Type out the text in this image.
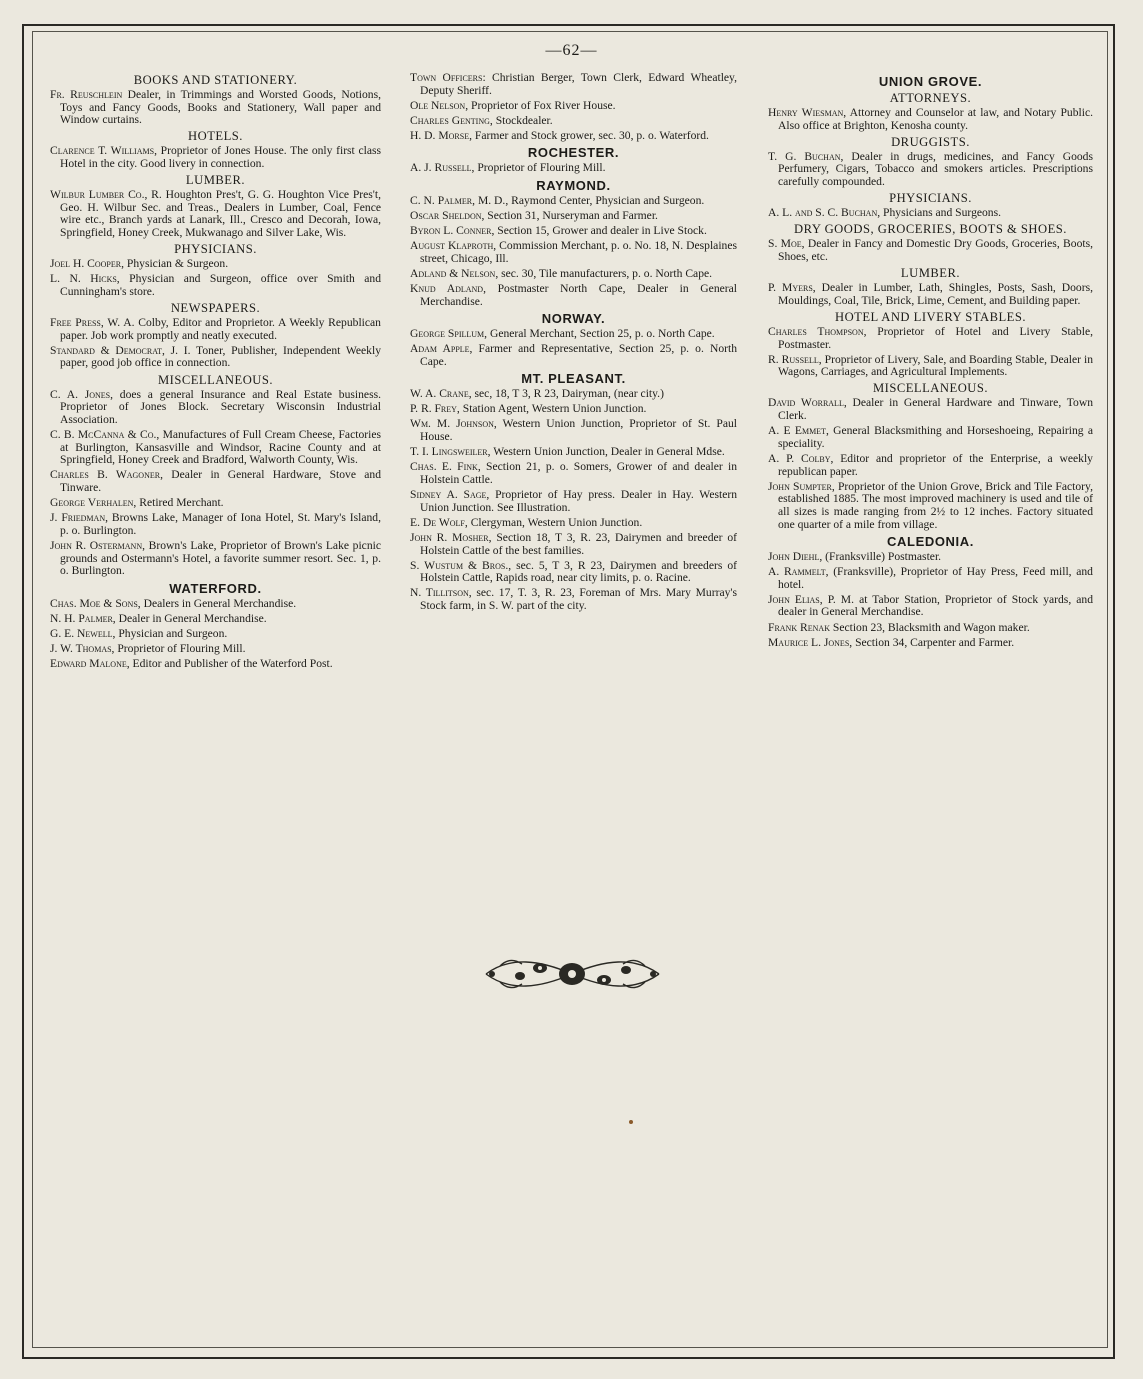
—62—
BOOKS AND STATIONERY.

Fr. Reuschlein Dealer, in Trimmings and Worsted Goods, Notions, Toys and Fancy Goods, Books and Stationery, Wall paper and Window curtains.

HOTELS.

Clarence T. Williams, Proprietor of Jones House. The only first class Hotel in the city. Good livery in connection.

LUMBER.

Wilbur Lumber Co., R. Houghton Pres't, G. G. Houghton Vice Pres't, Geo. H. Wilbur Sec. and Treas., Dealers in Lumber, Coal, Fence wire etc., Branch yards at Lanark, Ill., Cresco and Decorah, Iowa, Springfield, Honey Creek, Mukwanago and Silver Lake, Wis.

PHYSICIANS.

Joel H. Cooper, Physician & Surgeon.

L. N. Hicks, Physician and Surgeon, office over Smith and Cunningham's store.

NEWSPAPERS.

Free Press, W. A. Colby, Editor and Proprietor. A Weekly Republican paper. Job work promptly and neatly executed.

Standard & Democrat, J. I. Toner, Publisher, Independent Weekly paper, good job office in connection.

MISCELLANEOUS.

C. A. Jones, does a general Insurance and Real Estate business. Proprietor of Jones Block. Secretary Wisconsin Industrial Association.

C. B. McCanna & Co., Manufactures of Full Cream Cheese, Factories at Burlington, Kansasville and Windsor, Racine County and at Springfield, Honey Creek and Bradford, Walworth County, Wis.

Charles B. Wagoner, Dealer in General Hardware, Stove and Tinware.

George Verhalen, Retired Merchant.

J. Friedman, Browns Lake, Manager of Iona Hotel, St. Mary's Island, p. o. Burlington.

John R. Ostermann, Brown's Lake, Proprietor of Brown's Lake picnic grounds and Ostermann's Hotel, a favorite summer resort. Sec. 1, p. o. Burlington.

WATERFORD.

Chas. Moe & Sons, Dealers in General Merchandise.

N. H. Palmer, Dealer in General Merchandise.

G. E. Newell, Physician and Surgeon.

J. W. Thomas, Proprietor of Flouring Mill.

Edward Malone, Editor and Publisher of the Waterford Post.

Town Officers: Christian Berger, Town Clerk, Edward Wheatley, Deputy Sheriff.

Ole Nelson, Proprietor of Fox River House.

Charles Genting, Stockdealer.

H. D. Morse, Farmer and Stock grower, sec. 30, p. o. Waterford.

ROCHESTER.

A. J. Russell, Proprietor of Flouring Mill.

RAYMOND.

C. N. Palmer, M. D., Raymond Center, Physician and Surgeon.

Oscar Sheldon, Section 31, Nurseryman and Farmer.

Byron L. Conner, Section 15, Grower and dealer in Live Stock.

August Klaproth, Commission Merchant, p. o. No. 18, N. Desplaines street, Chicago, Ill.

Adland & Nelson, sec. 30, Tile manufacturers, p. o. North Cape.

Knud Adland, Postmaster North Cape, Dealer in General Merchandise.

NORWAY.

George Spillum, General Merchant, Section 25, p. o. North Cape.

Adam Apple, Farmer and Representative, Section 25, p. o. North Cape.

MT. PLEASANT.

W. A. Crane, sec, 18, T 3, R 23, Dairyman, (near city.)

P. R. Frey, Station Agent, Western Union Junction.

Wm. M. Johnson, Western Union Junction, Proprietor of St. Paul House.

T. I. Lingsweiler, Western Union Junction, Dealer in General Mdse.

Chas. E. Fink, Section 21, p. o. Somers, Grower of and dealer in Holstein Cattle.

Sidney A. Sage, Proprietor of Hay press. Dealer in Hay. Western Union Junction. See Illustration.

E. De Wolf, Clergyman, Western Union Junction.

John R. Mosher, Section 18, T 3, R. 23, Dairymen and breeder of Holstein Cattle of the best families.

S. Wustum & Bros., sec. 5, T 3, R 23, Dairymen and breeders of Holstein Cattle, Rapids road, near city limits, p. o. Racine.

N. Tillitson, sec. 17, T. 3, R. 23, Foreman of Mrs. Mary Murray's Stock farm, in S. W. part of the city.

UNION GROVE.
ATTORNEYS.

Henry Wiesman, Attorney and Counselor at law, and Notary Public. Also office at Brighton, Kenosha county.

DRUGGISTS.

T. G. Buchan, Dealer in drugs, medicines, and Fancy Goods Perfumery, Cigars, Tobacco and smokers articles. Prescriptions carefully compounded.

PHYSICIANS.

A. L. and S. C. Buchan, Physicians and Surgeons.

DRY GOODS, GROCERIES, BOOTS & SHOES.

S. Moe, Dealer in Fancy and Domestic Dry Goods, Groceries, Boots, Shoes, etc.

LUMBER.

P. Myers, Dealer in Lumber, Lath, Shingles, Posts, Sash, Doors, Mouldings, Coal, Tile, Brick, Lime, Cement, and Building paper.

HOTEL AND LIVERY STABLES.

Charles Thompson, Proprietor of Hotel and Livery Stable, Postmaster.

R. Russell, Proprietor of Livery, Sale, and Boarding Stable, Dealer in Wagons, Carriages, and Agricultural Implements.

MISCELLANEOUS.

David Worrall, Dealer in General Hardware and Tinware, Town Clerk.

A. E Emmet, General Blacksmithing and Horseshoeing, Repairing a speciality.

A. P. Colby, Editor and proprietor of the Enterprise, a weekly republican paper.

John Sumpter, Proprietor of the Union Grove, Brick and Tile Factory, established 1885. The most improved machinery is used and tile of all sizes is made ranging from 2½ to 12 inches. Factory situated one quarter of a mile from village.

CALEDONIA.

John Diehl, (Franksville) Postmaster.

A. Rammelt, (Franksville), Proprietor of Hay Press, Feed mill, and hotel.

John Elias, P. M. at Tabor Station, Proprietor of Stock yards, and dealer in General Merchandise.

Frank Renak Section 23, Blacksmith and Wagon maker.

Maurice L. Jones, Section 34, Carpenter and Farmer.
